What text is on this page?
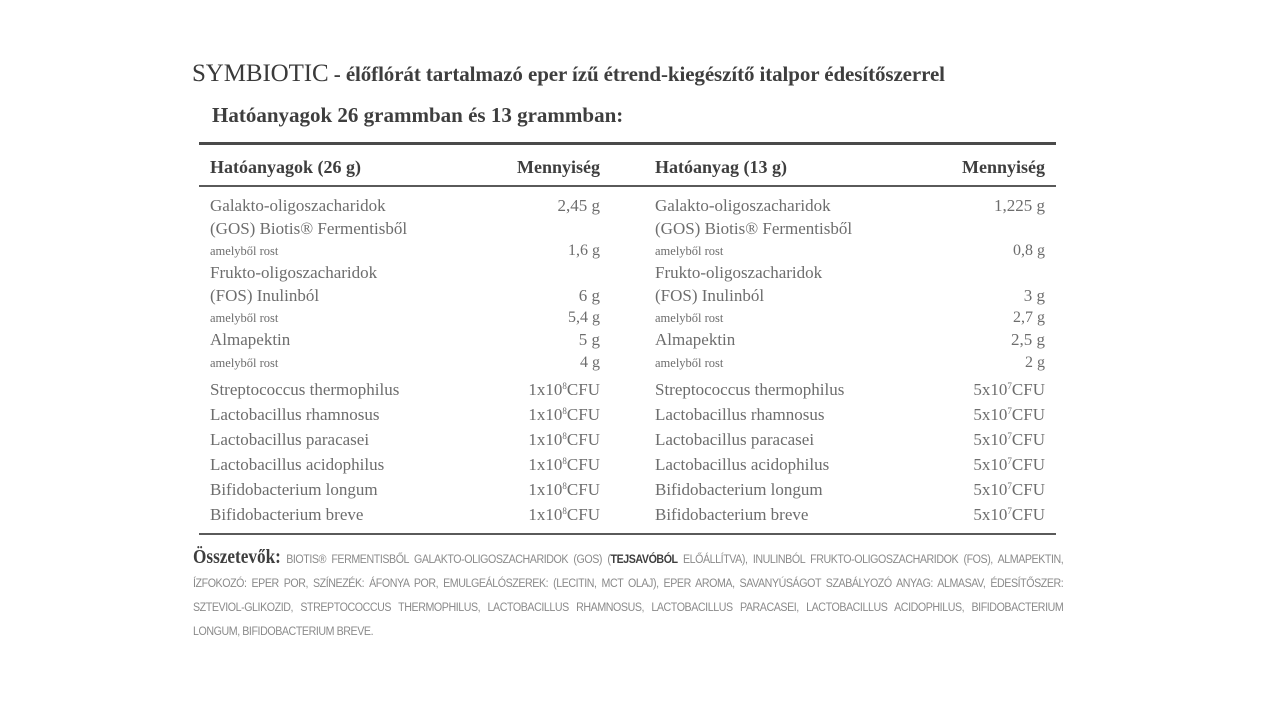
SYMBIOTIC - élőflórát tartalmazó eper ízű étrend-kiegészítő italpor édesítőszerrel
Hatóanyagok 26 grammban és 13 grammban:
Hatóanyagok (26 g)	Mennyiség
Galakto-oligoszacharidok	2,45 g
(GOS) Biotis® Fermentisből
amelyből rost	1,6 g
Frukto-oligoszacharidok
(FOS) Inulinból	6 g
amelyből rost	5,4 g
Almapektin	5 g
amelyből rost	4 g
Streptococcus thermophilus	$1x10^8CFU$
Lactobacillus rhamnosus	$1x10^8CFU$
Lactobacillus paracasei	$1x10^8CFU$
Lactobacillus acidophilus	$1x10^8CFU$
Bifidobacterium longum	$1x10^8CFU$
Bifidobacterium breve	$1x10^8CFU$
Hatóanyag (13 g)	Mennyiség
Galakto-oligoszacharidok	1,225 g
(GOS) Biotis® Fermentisből
amelyből rost	0,8 g
Frukto-oligoszacharidok
(FOS) Inulinból	3 g
amelyből rost	2,7 g
Almapektin	2,5 g
amelyből rost	2 g
Streptococcus thermophilus	$5x10^7CFU$
Lactobacillus rhamnosus	$5x10^7CFU$
Lactobacillus paracasei	$5x10^7CFU$
Lactobacillus acidophilus	$5x10^7CFU$
Bifidobacterium longum	$5x10^7CFU$
Bifidobacterium breve	$5x10^7CFU$
Összetevők: BIOTIS® FERMENTISBŐL GALAKTO-OLIGOSZACHARIDOK (GOS) (TEJSAVÓBÓL ELŐÁLLÍTVA), INULINBÓL FRUKTO-OLIGOSZACHARIDOK (FOS), ALMAPEKTIN, ÍZFOKOZÓ: EPER POR, SZÍNEZÉK: ÁFONYA POR, EMULGEÁLÓSZEREK: (LECITIN, MCT OLAJ), EPER AROMA, SAVANYÚSÁGOT SZABÁLYOZÓ ANYAG: ALMASAV, ÉDESÍTŐSZER: SZTEVIOL-GLIKOZID, STREPTOCOCCUS THERMOPHILUS, LACTOBACILLUS RHAMNOSUS, LACTOBACILLUS PARACASEI, LACTOBACILLUS ACIDOPHILUS, BIFIDOBACTERIUM LONGUM, BIFIDOBACTERIUM BREVE.
